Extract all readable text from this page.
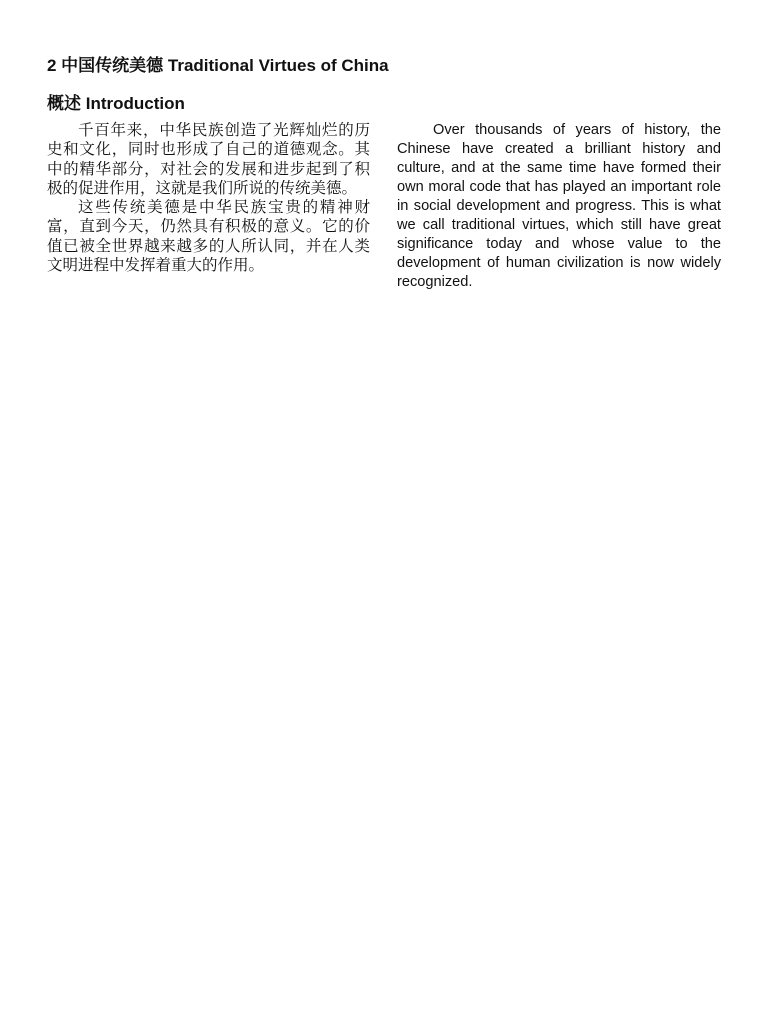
2 中国传统美德 Traditional Virtues of China
概述 Introduction

千百年来，中华民族创造了光辉灿烂的历史和文化，同时也形成了自己的道德观念。其中的精华部分，对社会的发展和进步起到了积极的促进作用，这就是我们所说的传统美德。

这些传统美德是中华民族宝贵的精神财富，直到今天，仍然具有积极的意义。它的价值已被全世界越来越多的人所认同，并在人类文明进程中发挥着重大的作用。

Over thousands of years of history, the Chinese have created a brilliant history and culture, and at the same time have formed their own moral code that has played an important role in social development and progress. This is what we call traditional virtues, which still have great significance today and whose value to the development of human civilization is now widely recognized.
